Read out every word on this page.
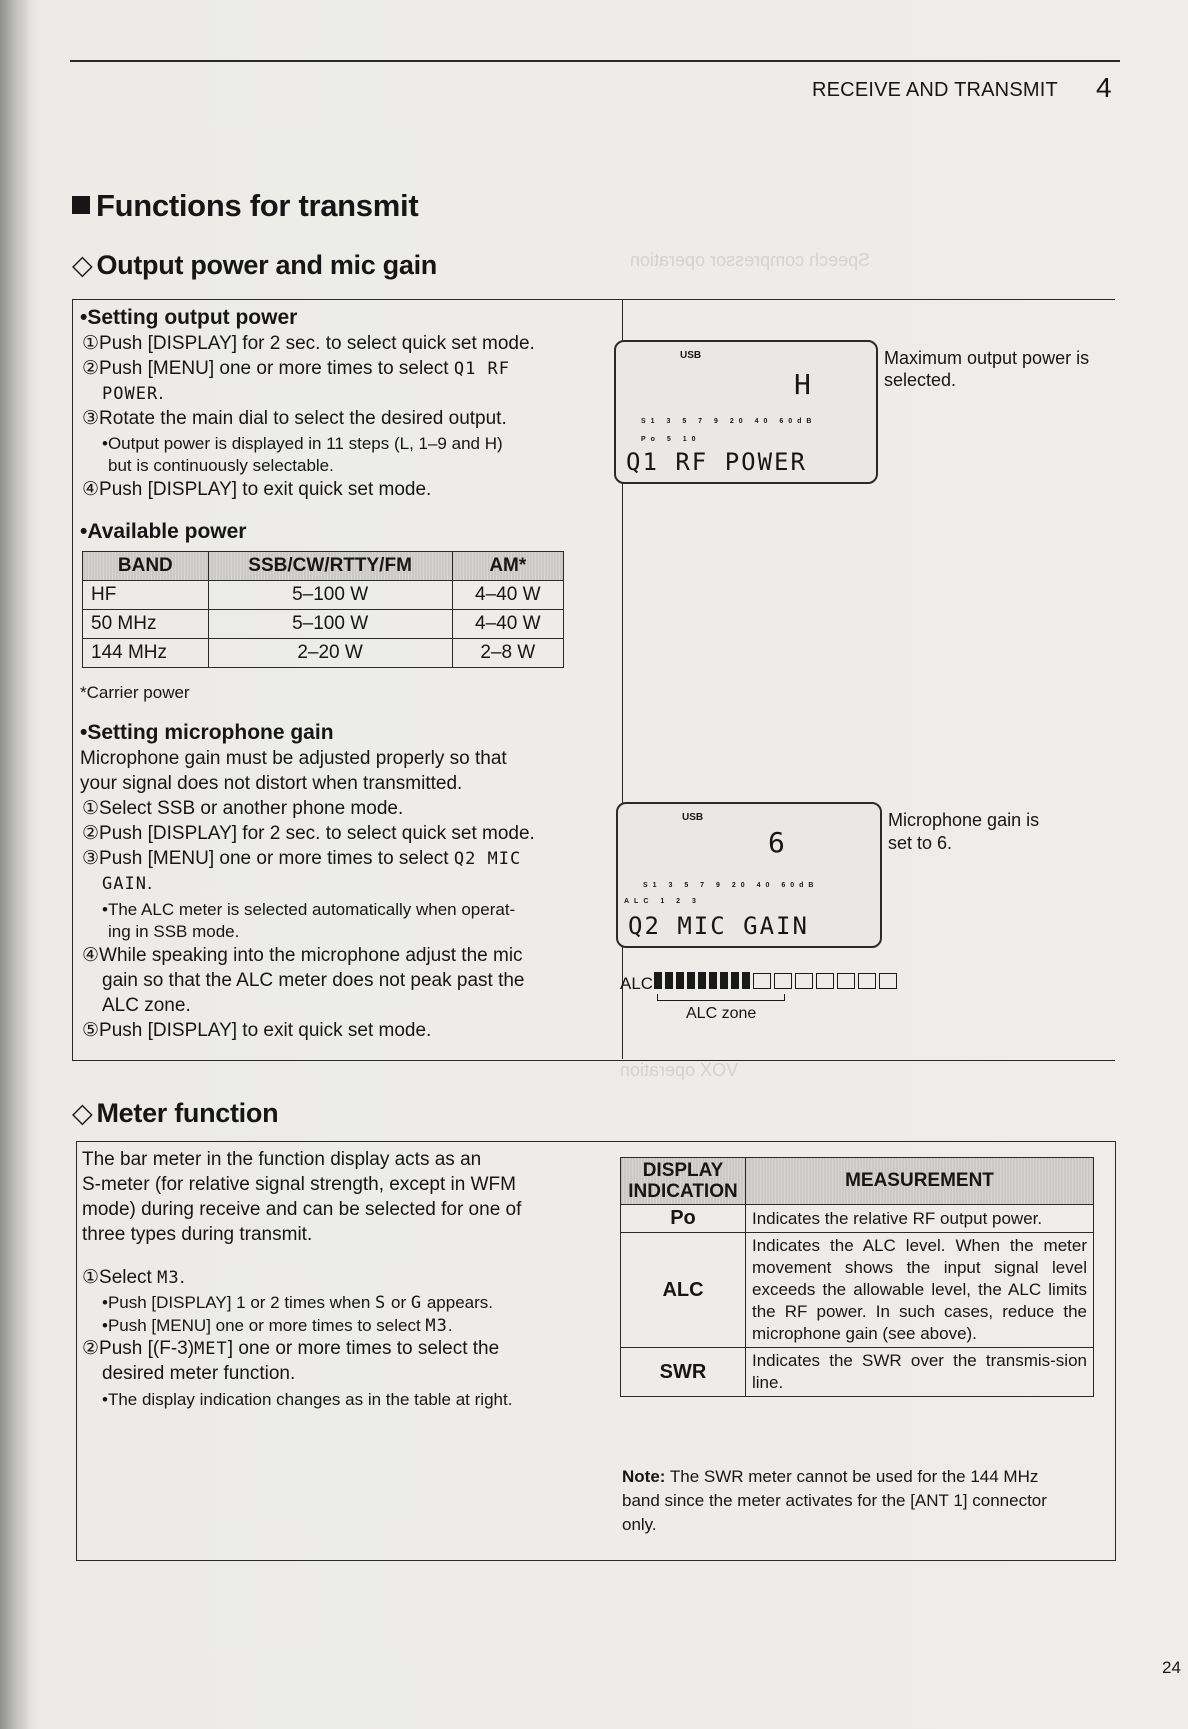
Speech compressor operation
VOX operation
RECEIVE AND TRANSMIT 4
Functions for transmit
◇ Output power and mic gain
•Setting output power
①Push [DISPLAY] for 2 sec. to select quick set mode.
②Push [MENU] one or more times to select Q1 RF
POWER.
③Rotate the main dial to select the desired output.
•Output power is displayed in 11 steps (L, 1–9 and H)
but is continuously selectable.
④Push [DISPLAY] to exit quick set mode.
•Available power
BAND	SSB/CW/RTTY/FM	AM*
HF	5–100 W	4–40 W
50 MHz	5–100 W	4–40 W
144 MHz	2–20 W	2–8 W
*Carrier power
•Setting microphone gain
Microphone gain must be adjusted properly so that
your signal does not distort when transmitted.
①Select SSB or another phone mode.
②Push [DISPLAY] for 2 sec. to select quick set mode.
③Push [MENU] one or more times to select Q2 MIC
GAIN.
•The ALC meter is selected automatically when operat-
ing in SSB mode.
④While speaking into the microphone adjust the mic
gain so that the ALC meter does not peak past the
ALC zone.
⑤Push [DISPLAY] to exit quick set mode.
USB
H
S1 3 5 7 9 20 40 60dB
Po 5 10
Q1 RF POWER
Maximum output power is
selected.
USB
6
S1 3 5 7 9 20 40 60dB
ALC 1 2 3
Q2 MIC GAIN
Microphone gain is
set to 6.
ALC
ALC zone
◇ Meter function
The bar meter in the function display acts as an
S-meter (for relative signal strength, except in WFM
mode) during receive and can be selected for one of
three types during transmit.
①Select M3.
•Push [DISPLAY] 1 or 2 times when S or G appears.
•Push [MENU] one or more times to select M3.
②Push [(F-3)MET] one or more times to select the
desired meter function.
•The display indication changes as in the table at right.
DISPLAY
INDICATION	MEASUREMENT
Po	Indicates the relative RF output power.
ALC	Indicates the ALC level. When the meter movement shows the input signal level exceeds the allowable level, the ALC limits the RF power. In such cases, reduce the microphone gain (see above).
SWR	Indicates the SWR over the transmis-sion line.
Note: The SWR meter cannot be used for the 144 MHz
band since the meter activates for the [ANT 1] connector
only.
24
